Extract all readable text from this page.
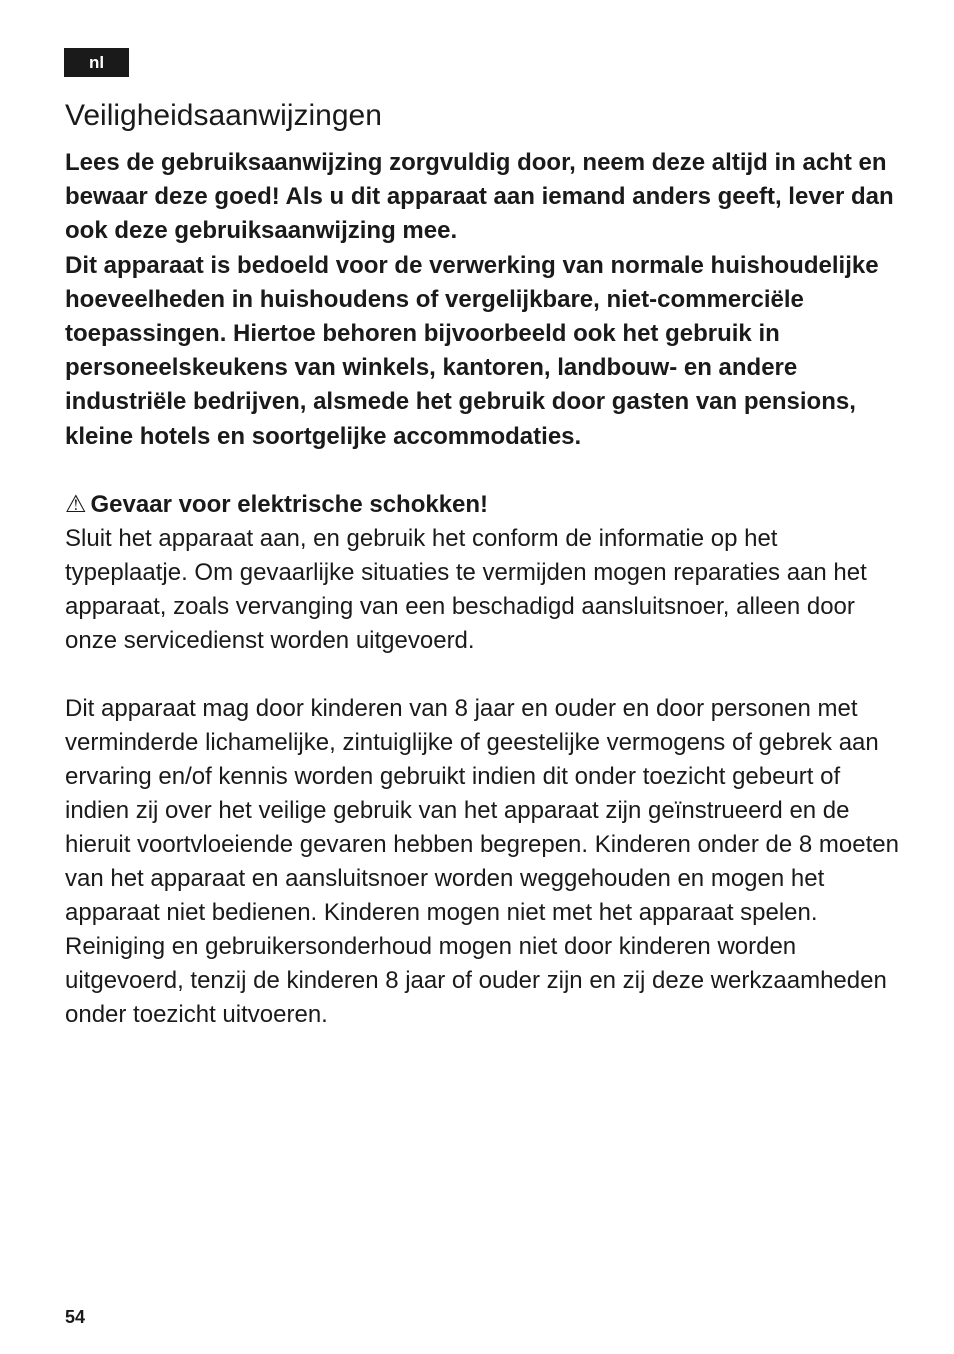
nl
Veiligheidsaanwijzingen

Lees de gebruiksaanwijzing zorgvuldig door, neem deze altijd in acht en bewaar deze goed! Als u dit apparaat aan iemand anders geeft, lever dan ook deze gebruiksaanwijzing mee.

Dit apparaat is bedoeld voor de verwerking van normale huishoudelijke hoeveelheden in huishoudens of vergelijkbare, niet-commerciële toepassingen. Hiertoe behoren bijvoorbeeld ook het gebruik in personeelskeukens van winkels, kantoren, landbouw- en andere industriële bedrijven, alsmede het gebruik door gasten van pensions, kleine hotels en soortgelijke accommodaties.

⚠ Gevaar voor elektrische schokken!

Sluit het apparaat aan, en gebruik het conform de informatie op het typeplaatje. Om gevaarlijke situaties te vermijden mogen reparaties aan het apparaat, zoals vervanging van een beschadigd aansluitsnoer, alleen door onze servicedienst worden uitgevoerd.

Dit apparaat mag door kinderen van 8 jaar en ouder en door personen met verminderde lichamelijke, zintuiglijke of geestelijke vermogens of gebrek aan ervaring en/of kennis worden gebruikt indien dit onder toezicht gebeurt of indien zij over het veilige gebruik van het apparaat zijn geïnstrueerd en de hieruit voortvloeiende gevaren hebben begrepen. Kinderen onder de 8 moeten van het apparaat en aansluitsnoer worden weggehouden en mogen het apparaat niet bedienen. Kinderen mogen niet met het apparaat spelen. Reiniging en gebruikersonderhoud mogen niet door kinderen worden uitgevoerd, tenzij de kinderen 8 jaar of ouder zijn en zij deze werkzaamheden onder toezicht uitvoeren.

54
